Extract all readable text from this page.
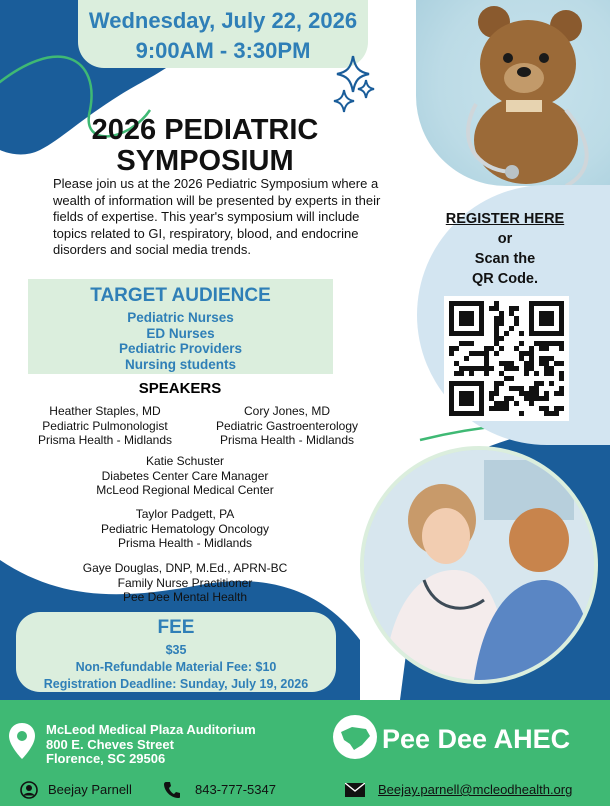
Wednesday, July 22, 2026
9:00AM - 3:30PM
2026 PEDIATRIC
SYMPOSIUM
Please join us at the 2026 Pediatric Symposium where a wealth of information will be presented by experts in their fields of expertise. This year's symposium will include topics related to GI, respiratory, blood, and endocrine disorders and social media trends.
REGISTER HERE
or
Scan the
QR Code.
TARGET AUDIENCE
Pediatric Nurses
ED Nurses
Pediatric Providers
Nursing students
SPEAKERS
Heather Staples, MD
Pediatric Pulmonologist
Prisma Health - Midlands
Cory Jones, MD
Pediatric Gastroenterology
Prisma Health - Midlands
Katie Schuster
Diabetes Center Care Manager
McLeod Regional Medical Center
Taylor Padgett, PA
Pediatric Hematology Oncology
Prisma Health - Midlands
Gaye Douglas, DNP, M.Ed., APRN-BC
Family Nurse Practitioner
Pee Dee Mental Health
FEE
$35
Non-Refundable Material Fee: $10
Registration Deadline: Sunday, July 19, 2026
McLeod Medical Plaza Auditorium
800 E. Cheves Street
Florence, SC 29506
Pee Dee AHEC
Beejay Parnell	843-777-5347	Beejay.parnell@mcleodhealth.org
